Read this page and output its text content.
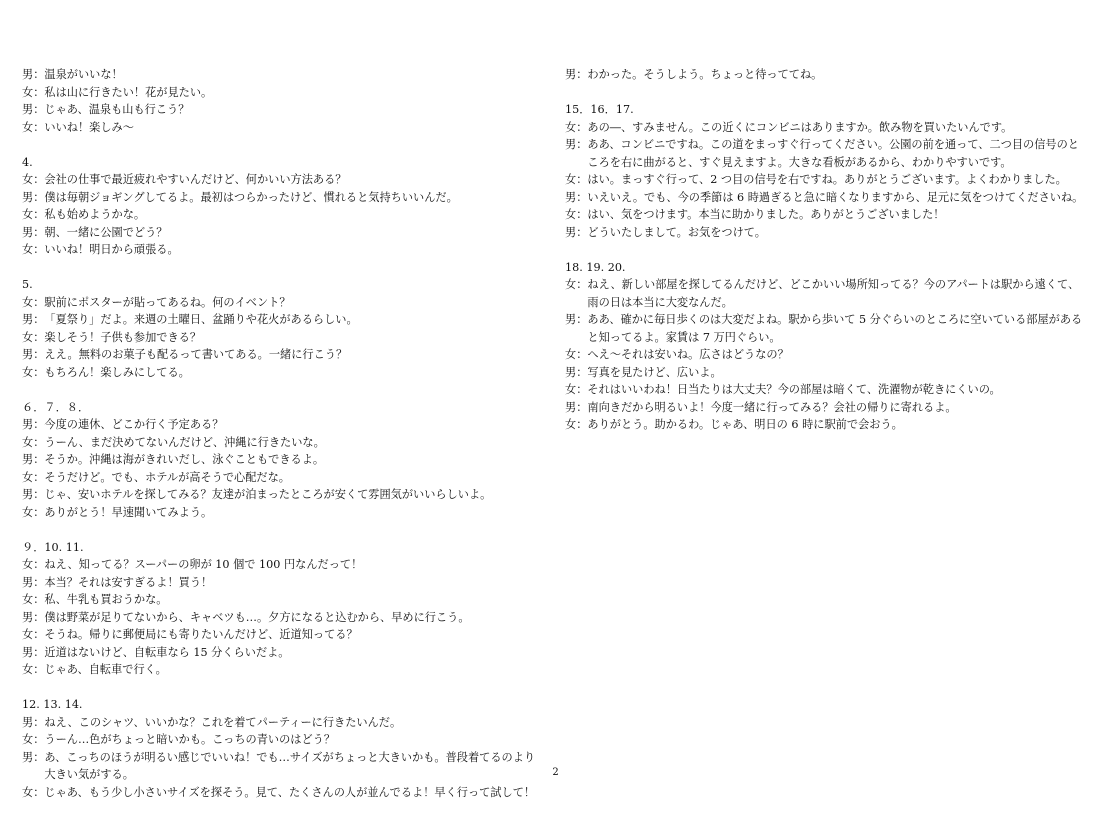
男： 温泉がいいな！
女： 私は山に行きたい！花が見たい。
男： じゃあ、温泉も山も行こう？
女： いいね！楽しみ～
4.
女： 会社の仕事で最近疲れやすいんだけど、何かいい方法ある？
男： 僕は毎朝ジョギングしてるよ。最初はつらかったけど、慣れると気持ちいいんだ。
女： 私も始めようかな。
男： 朝、一緒に公園でどう？
女： いいね！明日から頑張る。
5.
女： 駅前にポスターが貼ってあるね。何のイベント？
男： 「夏祭り」だよ。来週の土曜日、盆踊りや花火があるらしい。
女： 楽しそう！子供も参加できる？
男： ええ。無料のお菓子も配るって書いてある。一緒に行こう？
女： もちろん！楽しみにしてる。
６．７．８．
男： 今度の連休、どこか行く予定ある？
女： うーん、まだ決めてないんだけど、沖縄に行きたいな。
男： そうか。沖縄は海がきれいだし、泳ぐこともできるよ。
女： そうだけど。でも、ホテルが高そうで心配だな。
男： じゃ、安いホテルを探してみる？友達が泊まったところが安くて雰囲気がいいらしいよ。
女： ありがとう！早速聞いてみよう。
９．10. 11.
女： ねえ、知ってる？スーパーの卵が 10 個で 100 円なんだって！
男： 本当？それは安すぎるよ！買う！
女： 私、牛乳も買おうかな。
男： 僕は野菜が足りてないから、キャベツも…。夕方になると込むから、早めに行こう。
女： そうね。帰りに郵便局にも寄りたいんだけど、近道知ってる？
男： 近道はないけど、自転車なら 15 分くらいだよ。
女： じゃあ、自転車で行く。
12. 13. 14.
男： ねえ、このシャツ、いいかな？これを着てパーティーに行きたいんだ。
女： うーん…色がちょっと暗いかも。こっちの青いのはどう？
男： あ、こっちのほうが明るい感じでいいね！でも…サイズがちょっと大きいかも。普段着てるのより大きい気がする。
女： じゃあ、もう少し小さいサイズを探そう。見て、たくさんの人が並んでるよ！早く行って試して！
男： わかった。そうしよう。ちょっと待っててね。
15．16．17.
女： あの―、すみません。この近くにコンビニはありますか。飲み物を買いたいんです。
男： ああ、コンビニですね。この道をまっすぐ行ってください。公園の前を通って、二つ目の信号のところを右に曲がると、すぐ見えますよ。大きな看板があるから、わかりやすいです。
女： はい。まっすぐ行って、2 つ目の信号を右ですね。ありがとうございます。よくわかりました。
男： いえいえ。でも、今の季節は 6 時過ぎると急に暗くなりますから、足元に気をつけてくださいね。
女： はい、気をつけます。本当に助かりました。ありがとうございました！
男： どういたしまして。お気をつけて。
18. 19. 20.
女： ねえ、新しい部屋を探してるんだけど、どこかいい場所知ってる？今のアパートは駅から遠くて、雨の日は本当に大変なんだ。
男： ああ、確かに毎日歩くのは大変だよね。駅から歩いて 5 分ぐらいのところに空いている部屋があると知ってるよ。家賃は 7 万円ぐらい。
女： へえ～それは安いね。広さはどうなの？
男： 写真を見たけど、広いよ。
女： それはいいわね！日当たりは大丈夫？今の部屋は暗くて、洗濯物が乾きにくいの。
男： 南向きだから明るいよ！今度一緒に行ってみる？会社の帰りに寄れるよ。
女： ありがとう。助かるわ。じゃあ、明日の 6 時に駅前で会おう。
2
